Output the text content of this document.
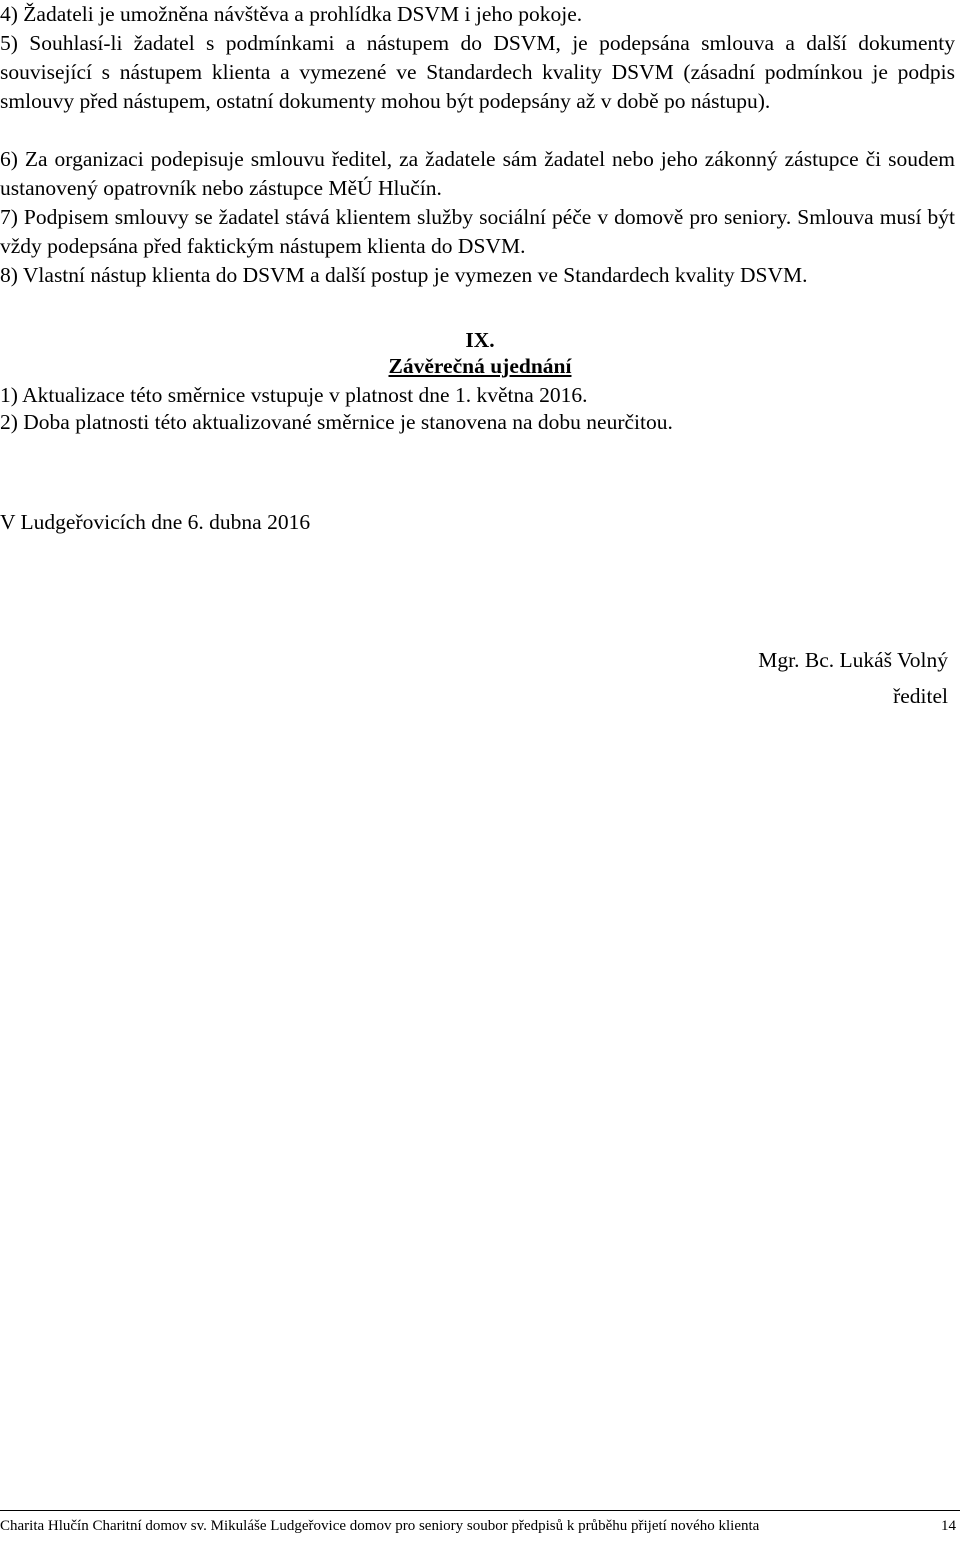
4) Žadateli je umožněna návštěva a prohlídka DSVM i jeho pokoje.
5) Souhlasí-li žadatel s podmínkami a nástupem do DSVM, je podepsána smlouva a další dokumenty související s nástupem klienta a vymezené ve Standardech kvality DSVM (zásadní podmínkou je podpis smlouvy před nástupem, ostatní dokumenty mohou být podepsány až v době po nástupu).
6) Za organizaci podepisuje smlouvu ředitel, za žadatele sám žadatel nebo jeho zákonný zástupce či soudem ustanovený opatrovník nebo zástupce MěÚ Hlučín.
7) Podpisem smlouvy se žadatel stává klientem služby sociální péče v domově pro seniory. Smlouva musí být vždy podepsána před faktickým nástupem klienta do DSVM.
8) Vlastní nástup klienta do DSVM a další postup je vymezen ve Standardech kvality DSVM.
IX.
Závěrečná ujednání
1) Aktualizace této směrnice vstupuje v platnost dne 1. května 2016.
2) Doba platnosti této aktualizované směrnice je stanovena na dobu neurčitou.
V Ludgeřovicích dne 6. dubna 2016
Mgr. Bc. Lukáš Volný
ředitel
Charita Hlučín Charitní domov sv. Mikuláše Ludgeřovice domov pro seniory soubor předpisů k průběhu přijetí nového klienta	14
